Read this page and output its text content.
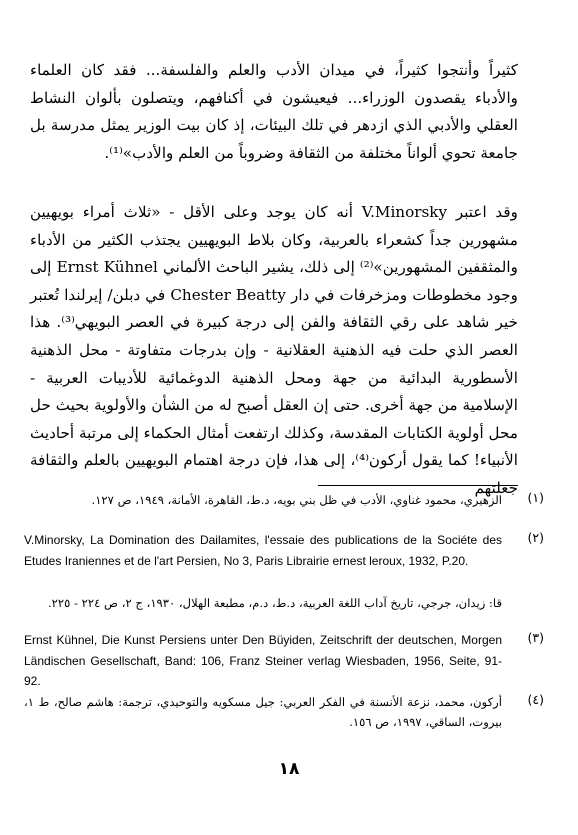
كثيراً وأنتجوا كثيراً، في ميدان الأدب والعلم والفلسفة... فقد كان العلماء والأدباء يقصدون الوزراء... فيعيشون في أكنافهم، ويتصلون بألوان النشاط العقلي والأدبي الذي ازدهر في تلك البيئات، إذ كان بيت الوزير يمثل مدرسة بل جامعة تحوي ألواناً مختلفة من الثقافة وضروباً من العلم والأدب»⁽¹⁾.

وقد اعتبر V.Minorsky أنه كان يوجد وعلى الأقل - «ثلاث أمراء بويهيين مشهورين جداً كشعراء بالعربية، وكان بلاط البويهيين يجتذب الكثير من الأدباء والمثقفين المشهورين»⁽²⁾ إلى ذلك، يشير الباحث الألماني Ernst Kühnel إلى وجود مخطوطات ومزخرفات في دار Chester Beatty في دبلن/ إيرلندا تُعتبر خير شاهد على رقي الثقافة والفن إلى درجة كبيرة في العصر البويهي⁽³⁾. هذا العصر الذي حلت فيه الذهنية العقلانية - وإن بدرجات متفاوتة - محل الذهنية الأسطورية البدائية من جهة ومحل الذهنية الدوغمائية للأديبات العربية - الإسلامية من جهة أخرى. حتى إن العقل أصبح له من الشأن والأولوية بحيث حل محل أولوية الكتابات المقدسة، وكذلك ارتفعت أمثال الحكماء إلى مرتبة أحاديث الأنبياء! كما يقول أركون⁽⁴⁾، إلى هذا، فإن درجة اهتمام البويهيين بالعلم والثقافة جعلتهم

(١)
الزهيري، محمود غناوي، الأدب في ظل بني بويه، د.ط، القاهرة، الأمانة، ١٩٤٩، ص ١٢٧.
(٢)
V.Minorsky, La Domination des Dailamites, l'essaie des publications de la Sociéte des Etudes Iraniennes et de l'art Persien, No 3, Paris Librairie ernest leroux, 1932, P.20.
قا: زيدان، جرجي، تاريخ آداب اللغة العربية، د.ط، د.م، مطبعة الهلال، ١٩٣٠، ج ٢، ص ٢٢٤ - ٢٢٥.
(٣)
Ernst Kühnel, Die Kunst Persiens unter Den Büyiden, Zeitschrift der deutschen, Morgen Ländischen Gesellschaft, Band: 106, Franz Steiner verlag Wiesbaden, 1956, Seite, 91-92.
(٤)
أركون، محمد، نزعة الأنسنة في الفكر العربي: جيل مسكويه والتوحيدي، ترجمة: هاشم صالح، ط ١، بيروت، الساقي، ١٩٩٧، ص ١٥٦.
١٨
